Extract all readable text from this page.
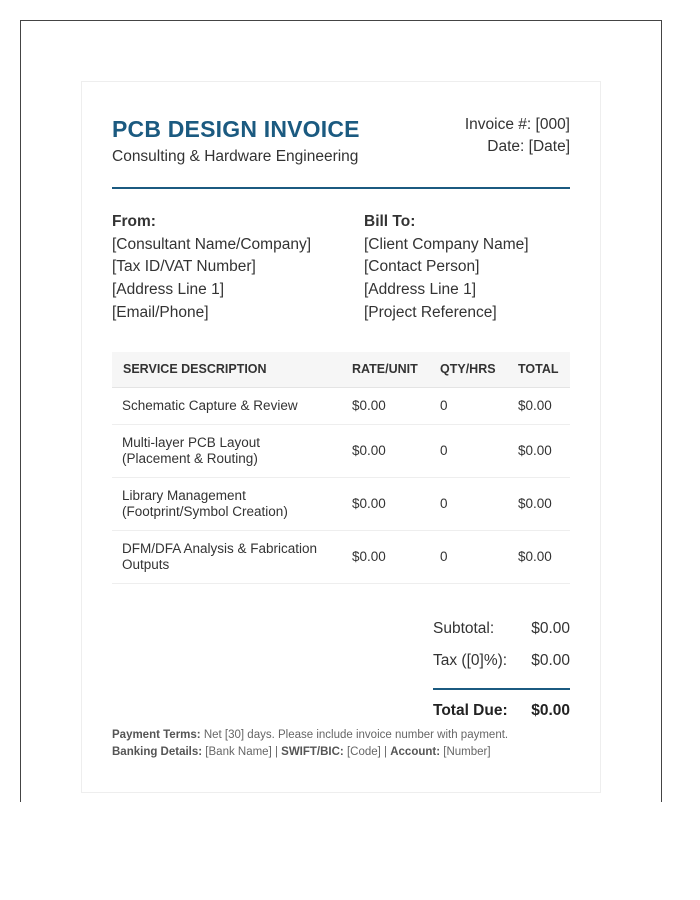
PCB DESIGN INVOICE
Consulting & Hardware Engineering
Invoice #: [000]
Date: [Date]
From:
[Consultant Name/Company]
[Tax ID/VAT Number]
[Address Line 1]
[Email/Phone]
Bill To:
[Client Company Name]
[Contact Person]
[Address Line 1]
[Project Reference]
SERVICE DESCRIPTION	RATE/UNIT QTY/HRS TOTAL
Schematic Capture & Review	$0.00	0	$0.00
Multi-layer PCB Layout
(Placement & Routing)
$0.00	0	$0.00
Library Management
(Footprint/Symbol Creation)
$0.00	0	$0.00
DFM/DFA Analysis & Fabrication
Outputs
$0.00	0	$0.00
Subtotal: $0.00
Tax ([0]%): $0.00
Total Due: $0.00
Payment Terms: Net [30] days. Please include invoice number with payment.
Banking Details: [Bank Name] | SWIFT/BIC: [Code] | Account: [Number]
